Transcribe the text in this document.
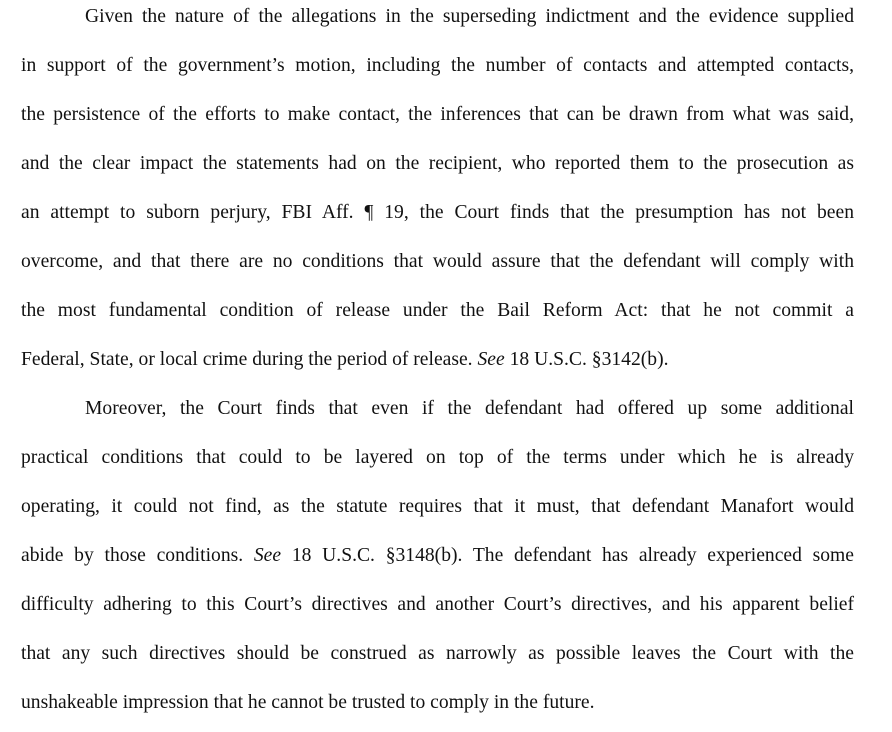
Given the nature of the allegations in the superseding indictment and the evidence supplied
in support of the government’s motion, including the number of contacts and attempted contacts,
the persistence of the efforts to make contact, the inferences that can be drawn from what was said,
and the clear impact the statements had on the recipient, who reported them to the prosecution as
an attempt to suborn perjury, FBI Aff. ¶ 19, the Court finds that the presumption has not been
overcome, and that there are no conditions that would assure that the defendant will comply with
the most fundamental condition of release under the Bail Reform Act: that he not commit a
Federal, State, or local crime during the period of release. See 18 U.S.C. §3142(b).
Moreover, the Court finds that even if the defendant had offered up some additional
practical conditions that could to be layered on top of the terms under which he is already
operating, it could not find, as the statute requires that it must, that defendant Manafort would
abide by those conditions. See 18 U.S.C. §3148(b). The defendant has already experienced some
difficulty adhering to this Court’s directives and another Court’s directives, and his apparent belief
that any such directives should be construed as narrowly as possible leaves the Court with the
unshakeable impression that he cannot be trusted to comply in the future.
